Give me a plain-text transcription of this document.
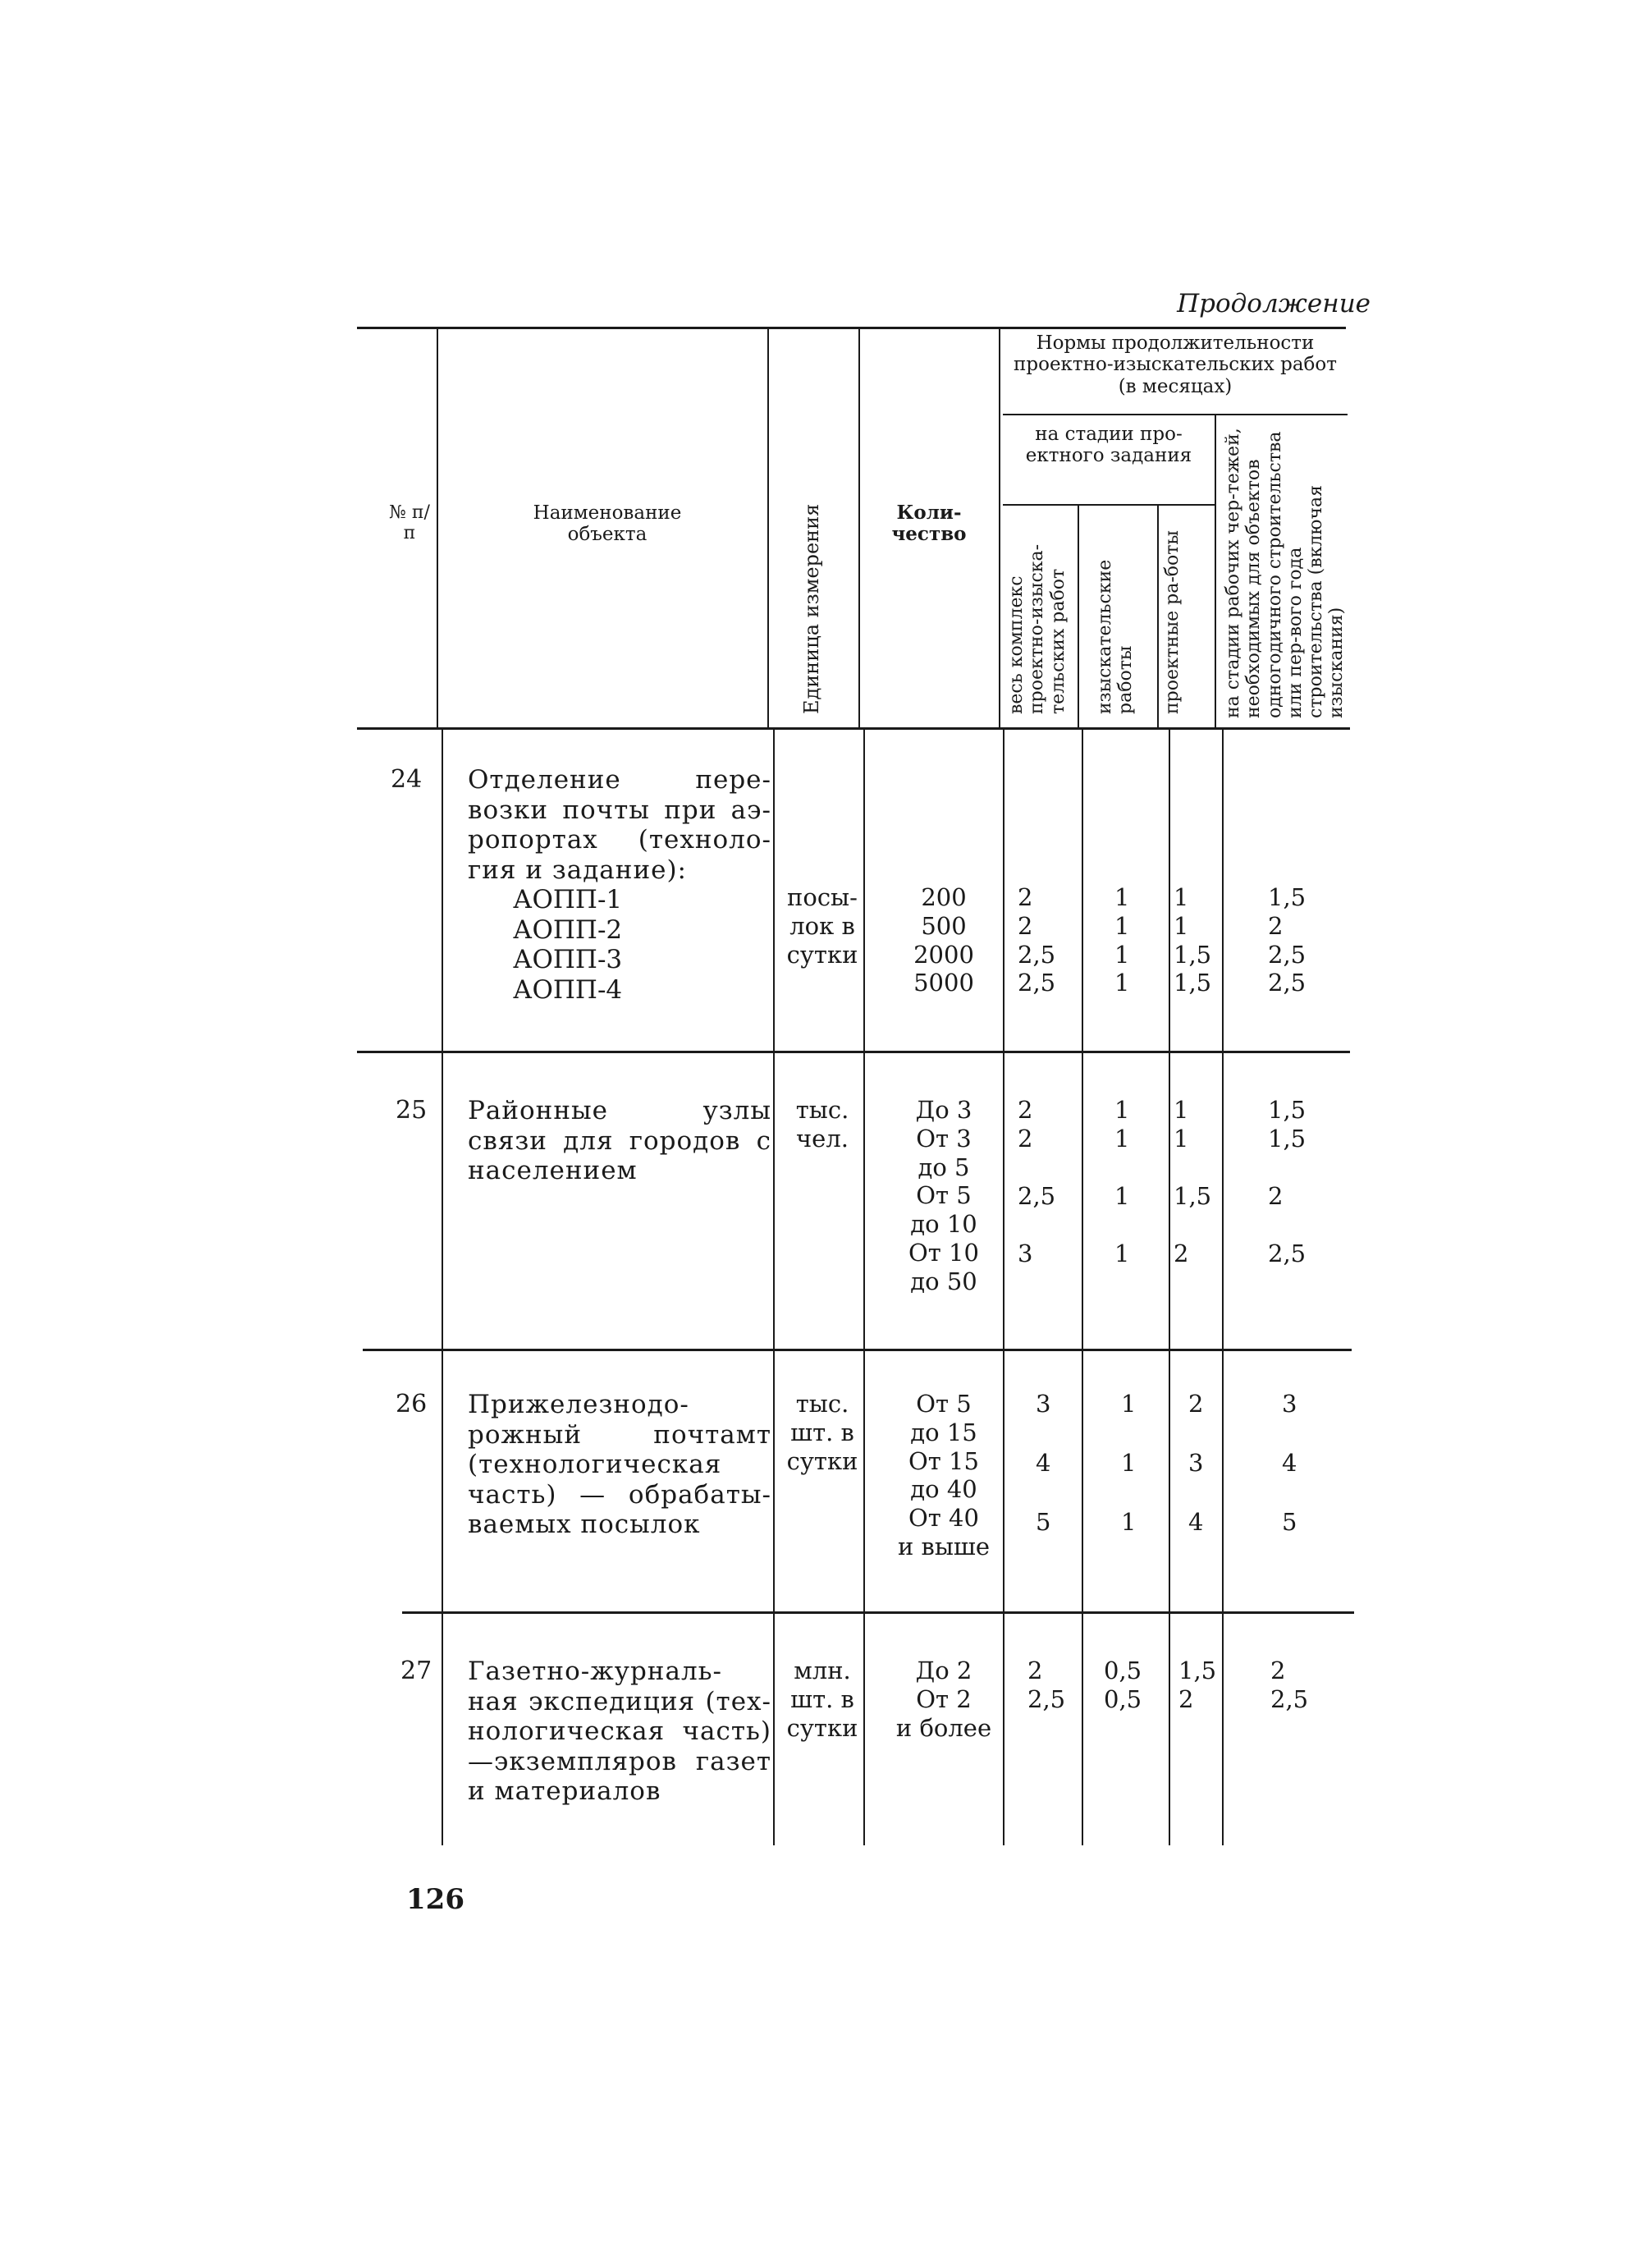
Продолжение
№ п/п
Наименование объекта	Единица измерения	Коли-чество
Нормы продолжительности проектно-изыскательских работ (в месяцах)
на стадии про-ектного задания
весь комплекс проектно-изыска-тельских работ изыскательские работы проектные ра-боты на стадии рабочих чер-тежей, необходимых для объектов одногодичного строительства или пер-вого года строительства (включая изыскания)
24 Отделение пере-возки почты при аэ-ропортах (техноло-гия и задание):
АОПП-1
АОПП-2
АОПП-3
АОПП-4
посы-лок в сутки
200
500
2000
5000
2
2
2,5
2,5
1
1
1
1
1
1
1,5
1,5
1,5
2
2,5
2,5
25 Районные узлы связи для городов с населением
тыс. чел.
До 3
От 3
до 5
От 5
до 10
От 10
до 50
2
2
2,5
3
1
1
1
1
1
1
1,5
2
1,5
1,5
2
2,5
26 Прижелезнодо-рожный почтамт (технологическая часть) — обрабаты-ваемых посылок
тыс. шт. в сутки
От 5
до 15
От 15
до 40
От 40
и выше
3
4
5
1
1
1
2
3
4
3
4
5
27 Газетно-журналь-ная экспедиция (тех-нологическая часть) —экземпляров газет и материалов
млн. шт. в сутки
До 2
От 2
и более
2
2,5
0,5
0,5
1,5
2
2
2,5
126
